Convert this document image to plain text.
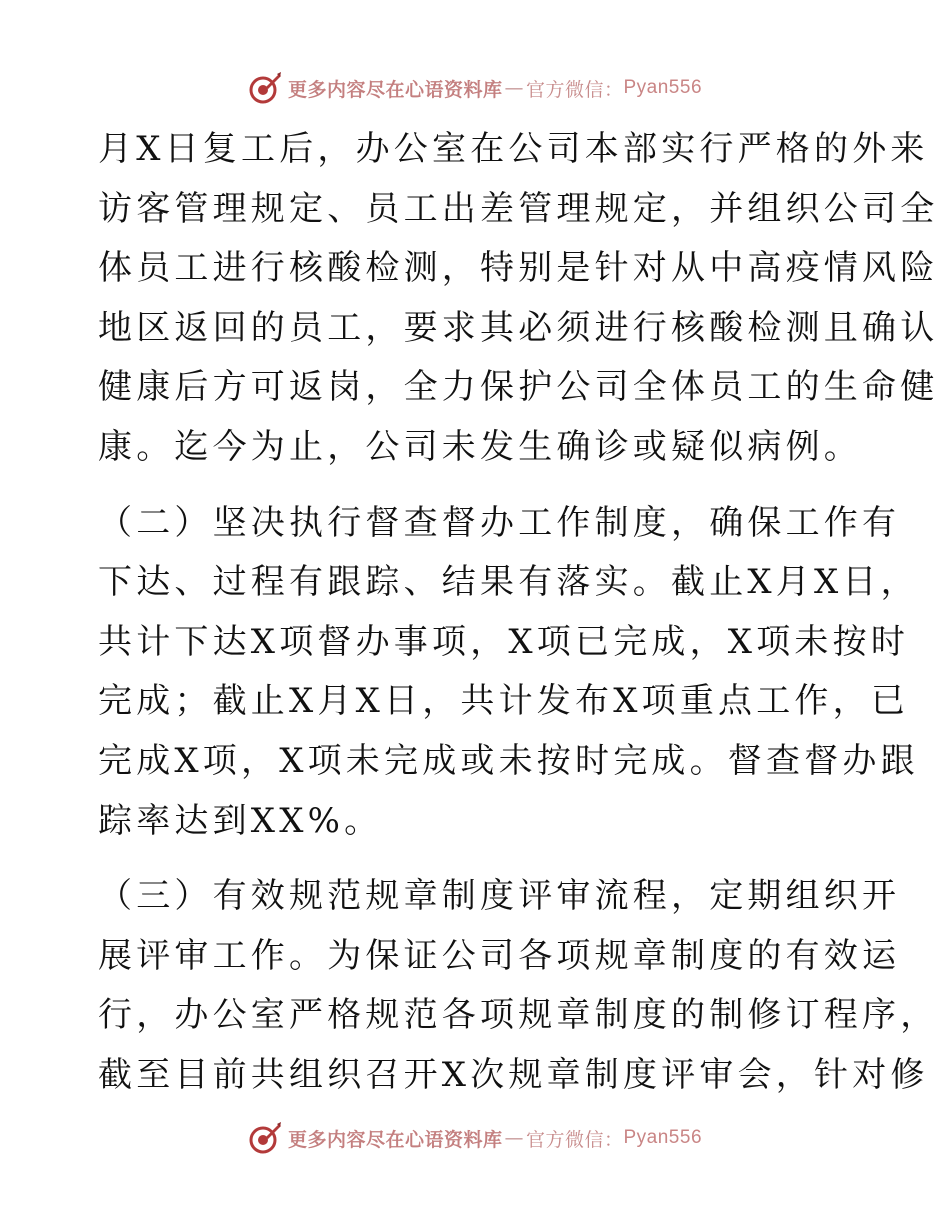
更多内容尽在心语资料库 — 官方微信： Pyan556

月X日复工后，办公室在公司本部实行严格的外来
访客管理规定、员工出差管理规定，并组织公司全
体员工进行核酸检测，特别是针对从中高疫情风险
地区返回的员工，要求其必须进行核酸检测且确认
健康后方可返岗，全力保护公司全体员工的生命健
康。迄今为止，公司未发生确诊或疑似病例。

（二）坚决执行督查督办工作制度，确保工作有
下达、过程有跟踪、结果有落实。截止X月X日，
共计下达X项督办事项，X项已完成，X项未按时
完成；截止X月X日，共计发布X项重点工作，已
完成X项，X项未完成或未按时完成。督查督办跟
踪率达到XX%。

（三）有效规范规章制度评审流程，定期组织开
展评审工作。为保证公司各项规章制度的有效运
行，办公室严格规范各项规章制度的制修订程序，
截至目前共组织召开X次规章制度评审会，针对修

更多内容尽在心语资料库 — 官方微信： Pyan556
